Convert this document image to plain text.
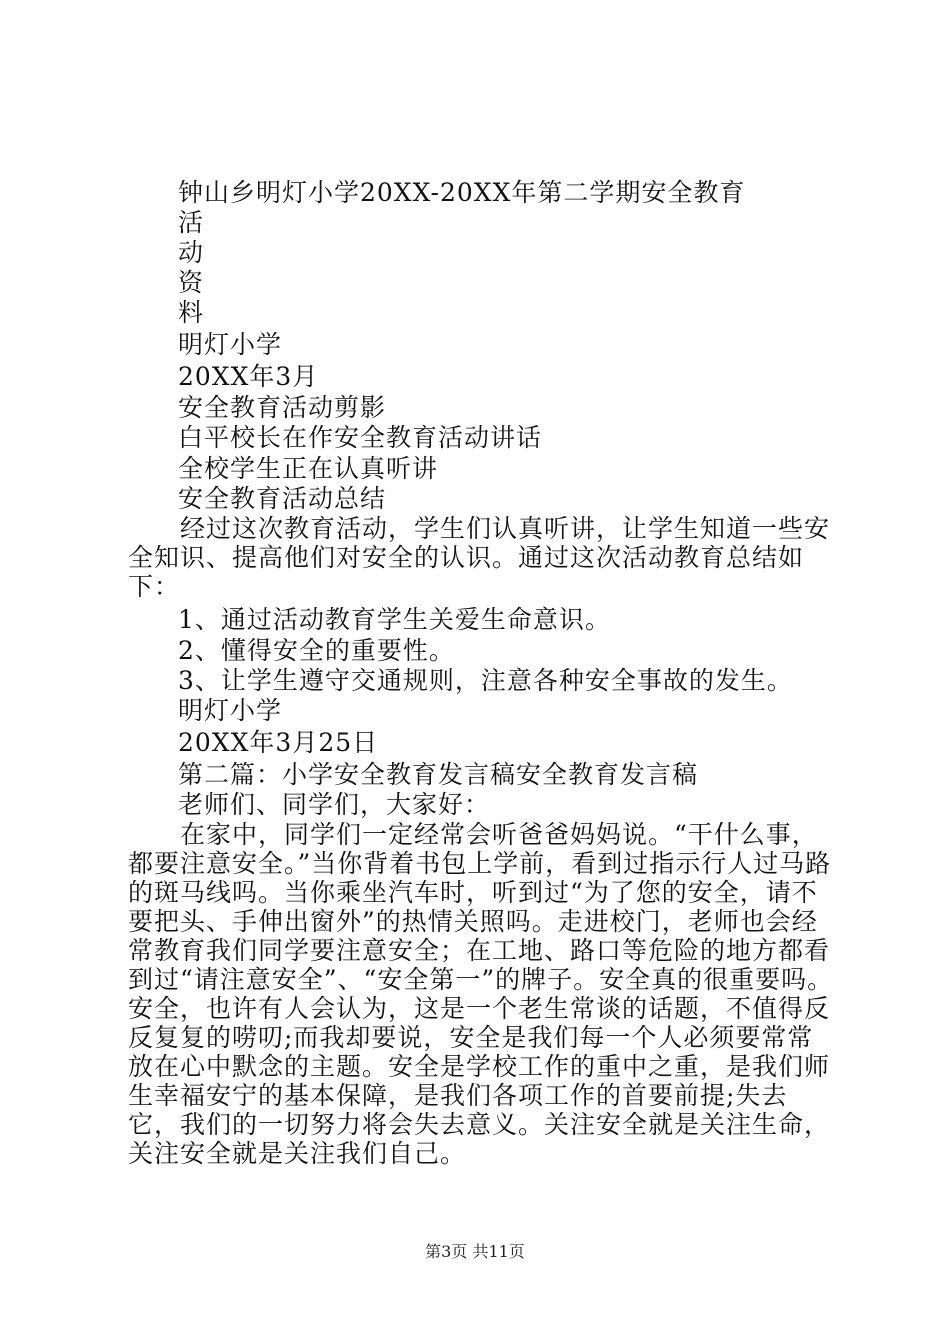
钟山乡明灯小学20XX-20XX年第二学期安全教育
活
动
资
料
明灯小学
20XX年3月
安全教育活动剪影
白平校长在作安全教育活动讲话
全校学生正在认真听讲
安全教育活动总结

经过这次教育活动，学生们认真听讲，让学生知道一些安全知识、提高他们对安全的认识。通过这次活动教育总结如下：

1、通过活动教育学生关爱生命意识。
2、懂得安全的重要性。
3、让学生遵守交通规则，注意各种安全事故的发生。
明灯小学
20XX年3月25日
第二篇：小学安全教育发言稿安全教育发言稿
老师们、同学们，大家好：

在家中，同学们一定经常会听爸爸妈妈说。“干什么事，都要注意安全。”当你背着书包上学前，看到过指示行人过马路的斑马线吗。当你乘坐汽车时，听到过“为了您的安全，请不要把头、手伸出窗外”的热情关照吗。走进校门，老师也会经常教育我们同学要注意安全；在工地、路口等危险的地方都看到过“请注意安全”、“安全第一”的牌子。安全真的很重要吗。安全，也许有人会认为，这是一个老生常谈的话题，不值得反反复复的唠叨;而我却要说，安全是我们每一个人必须要常常放在心中默念的主题。安全是学校工作的重中之重，是我们师生幸福安宁的基本保障，是我们各项工作的首要前提;失去它，我们的一切努力将会失去意义。关注安全就是关注生命，关注安全就是关注我们自己。

第3页 共11页
